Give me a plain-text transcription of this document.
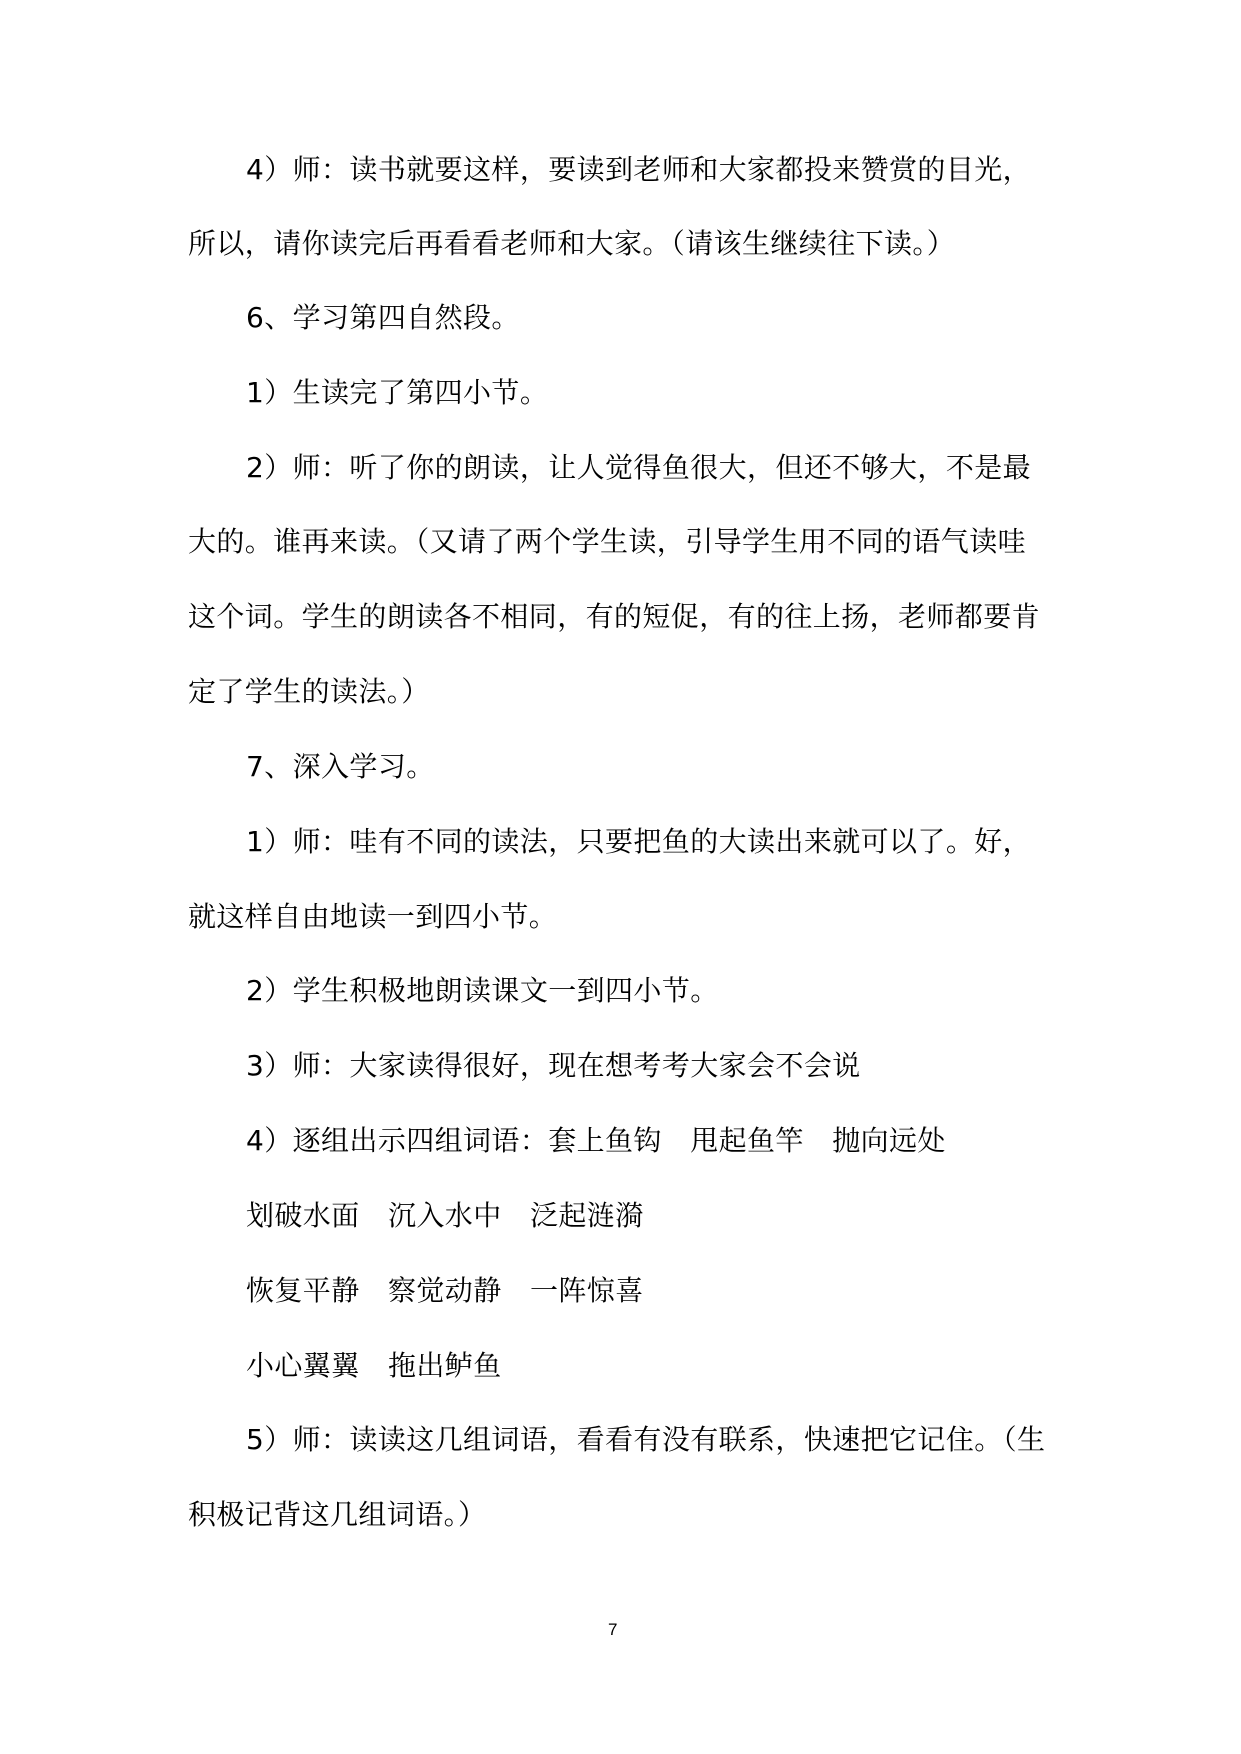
4）师：读书就要这样，要读到老师和大家都投来赞赏的目光，
所以，请你读完后再看看老师和大家。（请该生继续往下读。）
6、学习第四自然段。
1）生读完了第四小节。
2）师：听了你的朗读，让人觉得鱼很大，但还不够大，不是最
大的。谁再来读。（又请了两个学生读，引导学生用不同的语气读哇
这个词。学生的朗读各不相同，有的短促，有的往上扬，老师都要肯
定了学生的读法。）
7、深入学习。
1）师：哇有不同的读法，只要把鱼的大读出来就可以了。好，
就这样自由地读一到四小节。
2）学生积极地朗读课文一到四小节。
3）师：大家读得很好，现在想考考大家会不会说
4）逐组出示四组词语：套上鱼钩　甩起鱼竿　抛向远处
划破水面　沉入水中　泛起涟漪
恢复平静　察觉动静　一阵惊喜
小心翼翼　拖出鲈鱼
5）师：读读这几组词语，看看有没有联系，快速把它记住。（生
积极记背这几组词语。）
7
